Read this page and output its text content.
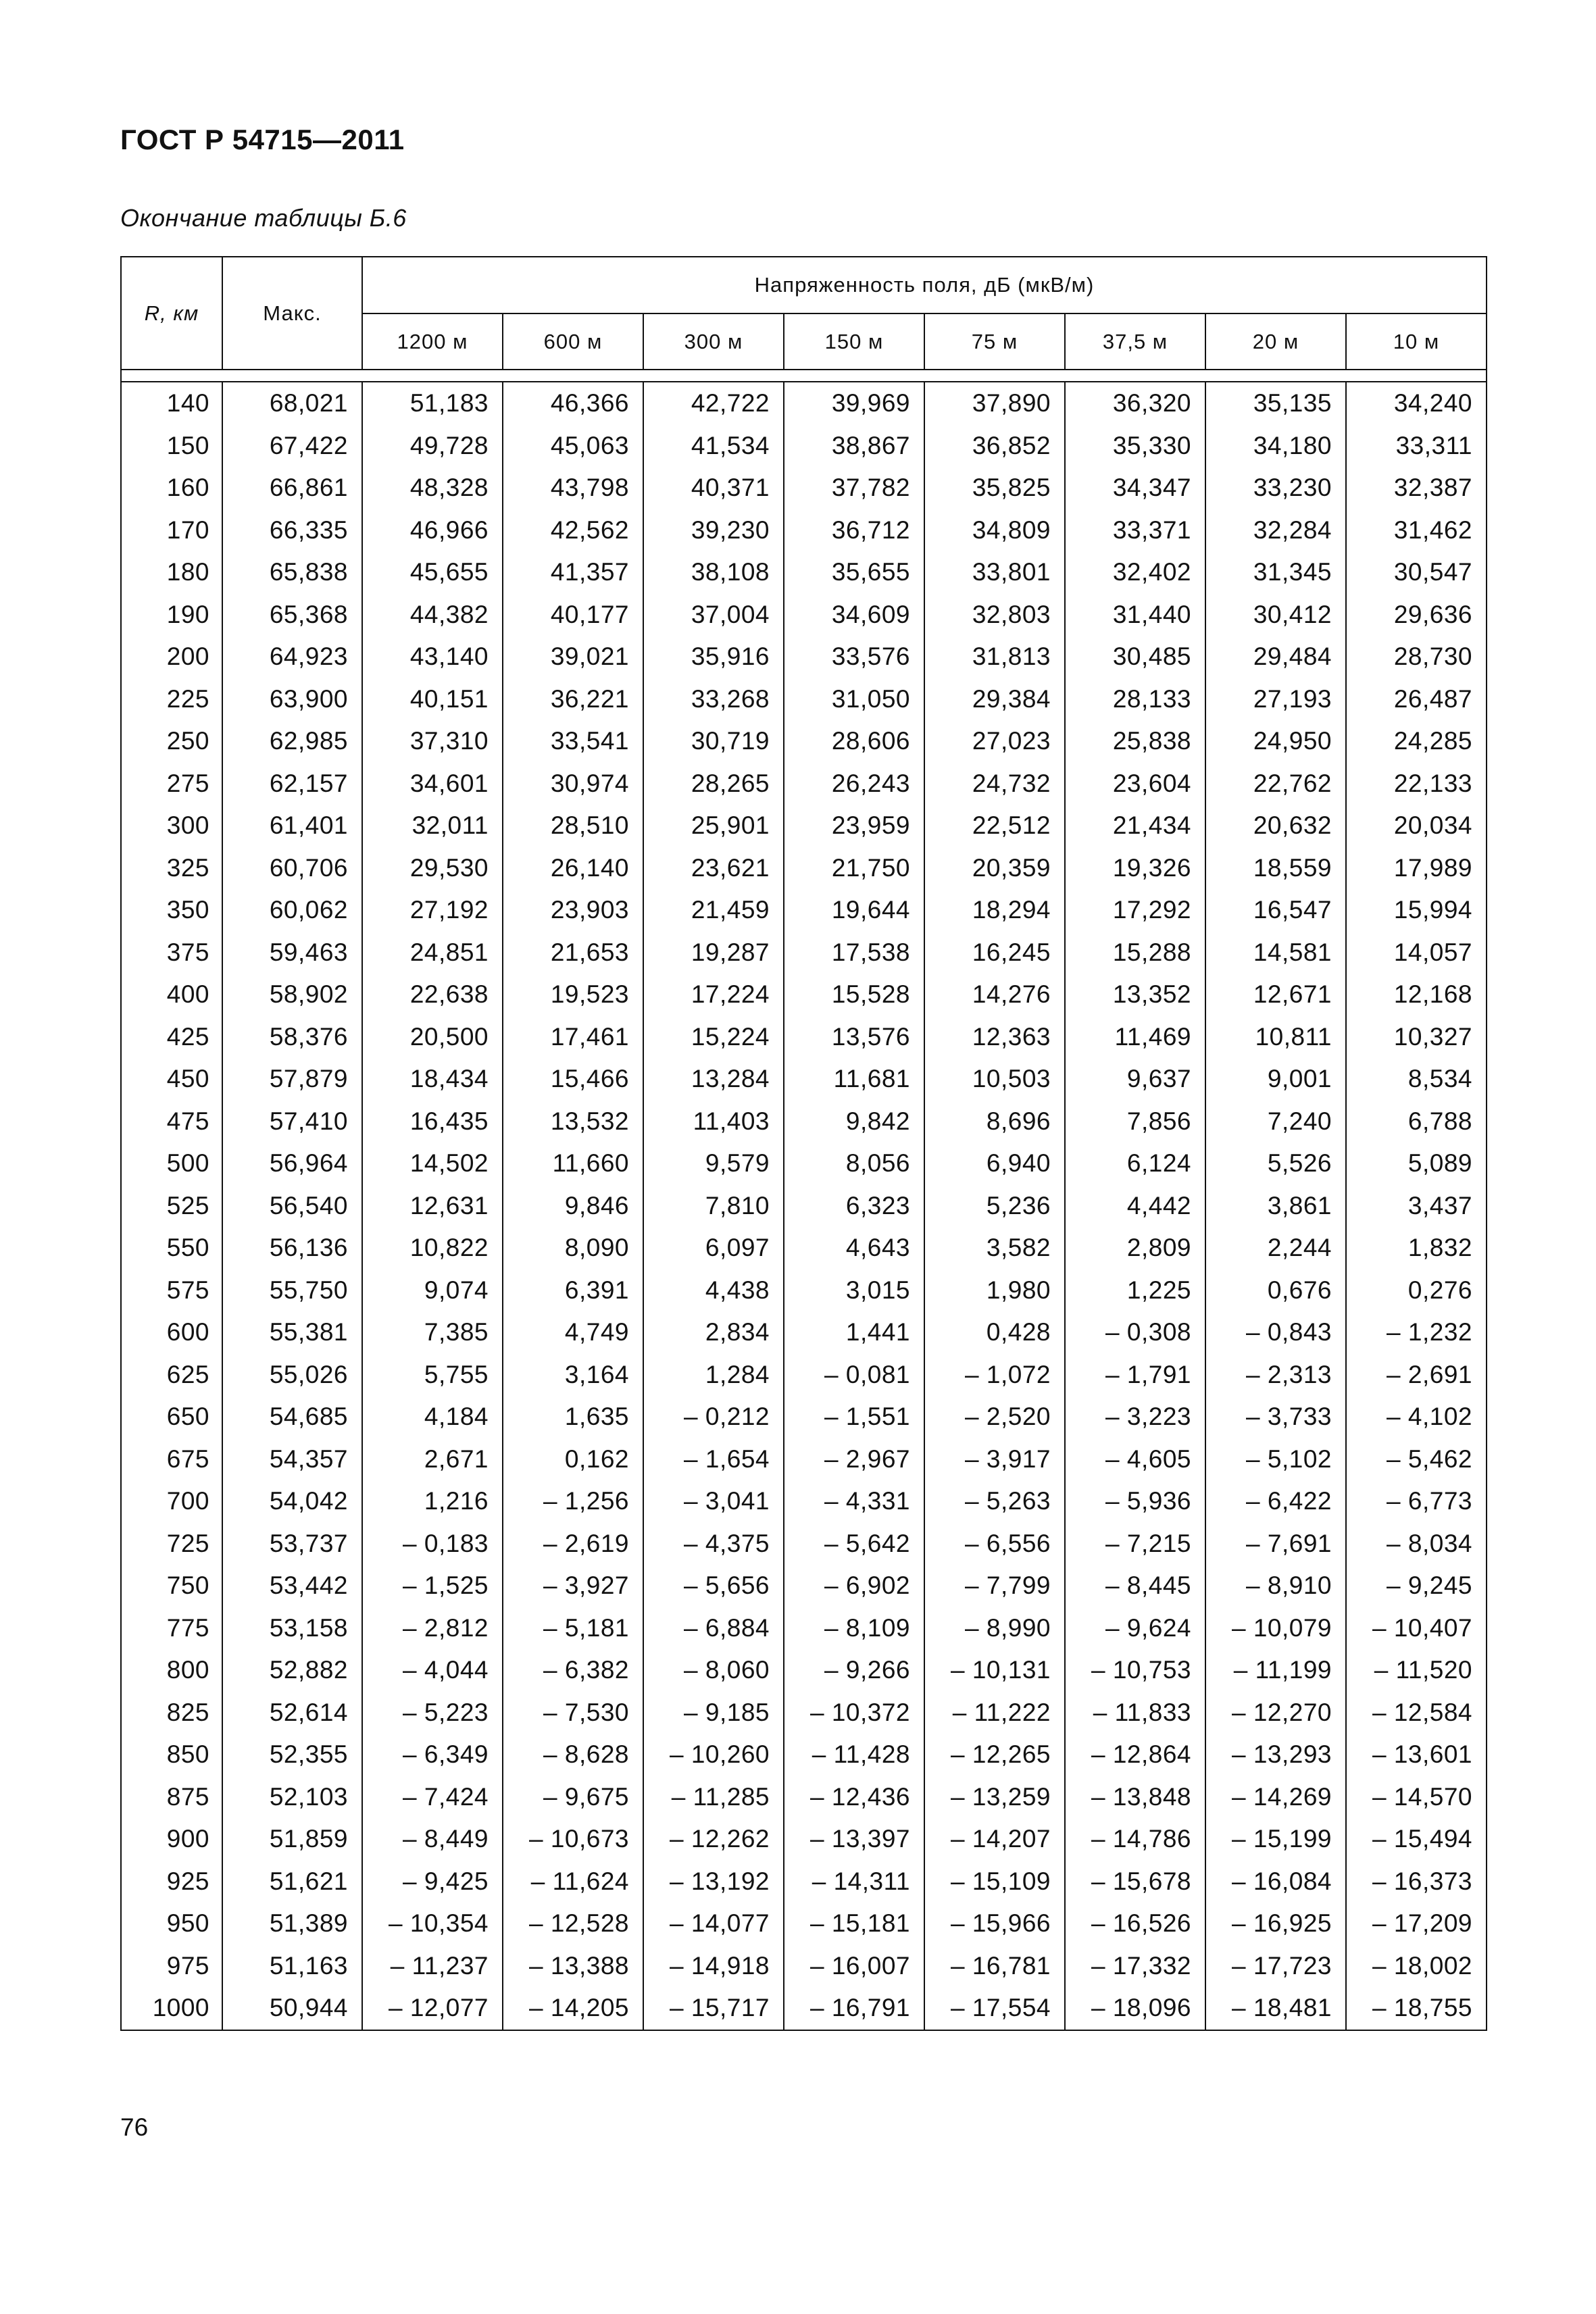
ГОСТ Р 54715—2011
Окончание таблицы Б.6
R, км	Макс.	Напряженность поля, дБ (мкВ/м)							
		1200 м	600 м	300 м	150 м	75 м	37,5 м	20 м	10 м

140	68,021	51,183	46,366	42,722	39,969	37,890	36,320	35,135	34,240
150	67,422	49,728	45,063	41,534	38,867	36,852	35,330	34,180	33,311
160	66,861	48,328	43,798	40,371	37,782	35,825	34,347	33,230	32,387
170	66,335	46,966	42,562	39,230	36,712	34,809	33,371	32,284	31,462
180	65,838	45,655	41,357	38,108	35,655	33,801	32,402	31,345	30,547
190	65,368	44,382	40,177	37,004	34,609	32,803	31,440	30,412	29,636
200	64,923	43,140	39,021	35,916	33,576	31,813	30,485	29,484	28,730
225	63,900	40,151	36,221	33,268	31,050	29,384	28,133	27,193	26,487
250	62,985	37,310	33,541	30,719	28,606	27,023	25,838	24,950	24,285
275	62,157	34,601	30,974	28,265	26,243	24,732	23,604	22,762	22,133
300	61,401	32,011	28,510	25,901	23,959	22,512	21,434	20,632	20,034
325	60,706	29,530	26,140	23,621	21,750	20,359	19,326	18,559	17,989
350	60,062	27,192	23,903	21,459	19,644	18,294	17,292	16,547	15,994
375	59,463	24,851	21,653	19,287	17,538	16,245	15,288	14,581	14,057
400	58,902	22,638	19,523	17,224	15,528	14,276	13,352	12,671	12,168
425	58,376	20,500	17,461	15,224	13,576	12,363	11,469	10,811	10,327
450	57,879	18,434	15,466	13,284	11,681	10,503	9,637	9,001	8,534
475	57,410	16,435	13,532	11,403	9,842	8,696	7,856	7,240	6,788
500	56,964	14,502	11,660	9,579	8,056	6,940	6,124	5,526	5,089
525	56,540	12,631	9,846	7,810	6,323	5,236	4,442	3,861	3,437
550	56,136	10,822	8,090	6,097	4,643	3,582	2,809	2,244	1,832
575	55,750	9,074	6,391	4,438	3,015	1,980	1,225	0,676	0,276
600	55,381	7,385	4,749	2,834	1,441	0,428	– 0,308	– 0,843	– 1,232
625	55,026	5,755	3,164	1,284	– 0,081	– 1,072	– 1,791	– 2,313	– 2,691
650	54,685	4,184	1,635	– 0,212	– 1,551	– 2,520	– 3,223	– 3,733	– 4,102
675	54,357	2,671	0,162	– 1,654	– 2,967	– 3,917	– 4,605	– 5,102	– 5,462
700	54,042	1,216	– 1,256	– 3,041	– 4,331	– 5,263	– 5,936	– 6,422	– 6,773
725	53,737	– 0,183	– 2,619	– 4,375	– 5,642	– 6,556	– 7,215	– 7,691	– 8,034
750	53,442	– 1,525	– 3,927	– 5,656	– 6,902	– 7,799	– 8,445	– 8,910	– 9,245
775	53,158	– 2,812	– 5,181	– 6,884	– 8,109	– 8,990	– 9,624	– 10,079	– 10,407
800	52,882	– 4,044	– 6,382	– 8,060	– 9,266	– 10,131	– 10,753	– 11,199	– 11,520
825	52,614	– 5,223	– 7,530	– 9,185	– 10,372	– 11,222	– 11,833	– 12,270	– 12,584
850	52,355	– 6,349	– 8,628	– 10,260	– 11,428	– 12,265	– 12,864	– 13,293	– 13,601
875	52,103	– 7,424	– 9,675	– 11,285	– 12,436	– 13,259	– 13,848	– 14,269	– 14,570
900	51,859	– 8,449	– 10,673	– 12,262	– 13,397	– 14,207	– 14,786	– 15,199	– 15,494
925	51,621	– 9,425	– 11,624	– 13,192	– 14,311	– 15,109	– 15,678	– 16,084	– 16,373
950	51,389	– 10,354	– 12,528	– 14,077	– 15,181	– 15,966	– 16,526	– 16,925	– 17,209
975	51,163	– 11,237	– 13,388	– 14,918	– 16,007	– 16,781	– 17,332	– 17,723	– 18,002
1000	50,944	– 12,077	– 14,205	– 15,717	– 16,791	– 17,554	– 18,096	– 18,481	– 18,755
76
